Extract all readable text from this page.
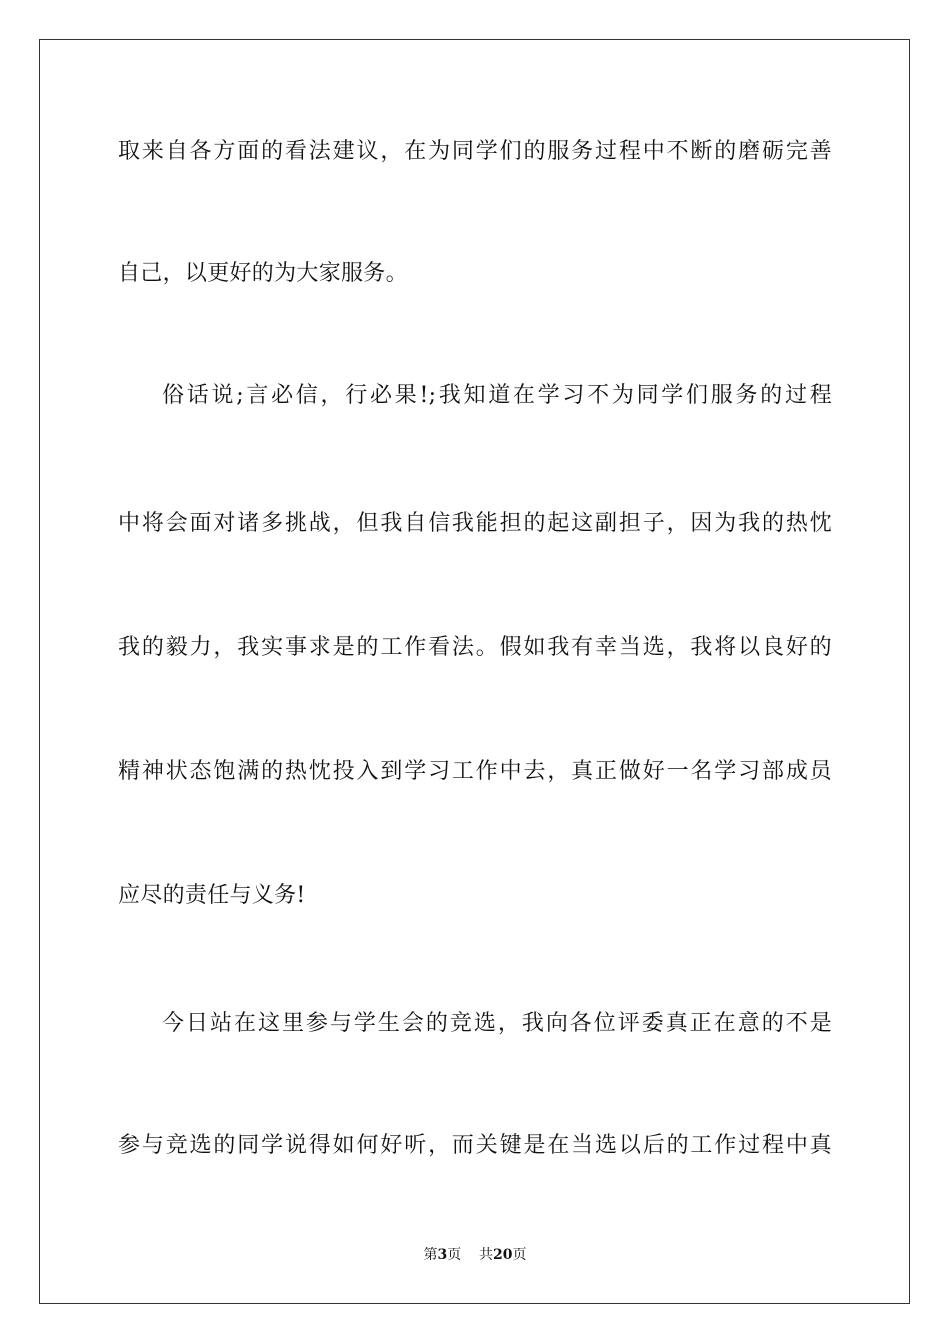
取来自各方面的看法建议，在为同学们的服务过程中不断的磨砺完善
自己，以更好的为大家服务。
俗话说;言必信，行必果!;我知道在学习不为同学们服务的过程
中将会面对诸多挑战，但我自信我能担的起这副担子，因为我的热忱
我的毅力，我实事求是的工作看法。假如我有幸当选，我将以良好的
精神状态饱满的热忱投入到学习工作中去，真正做好一名学习部成员
应尽的责任与义务!
今日站在这里参与学生会的竞选，我向各位评委真正在意的不是
参与竞选的同学说得如何好听，而关键是在当选以后的工作过程中真
第3页 共20页
